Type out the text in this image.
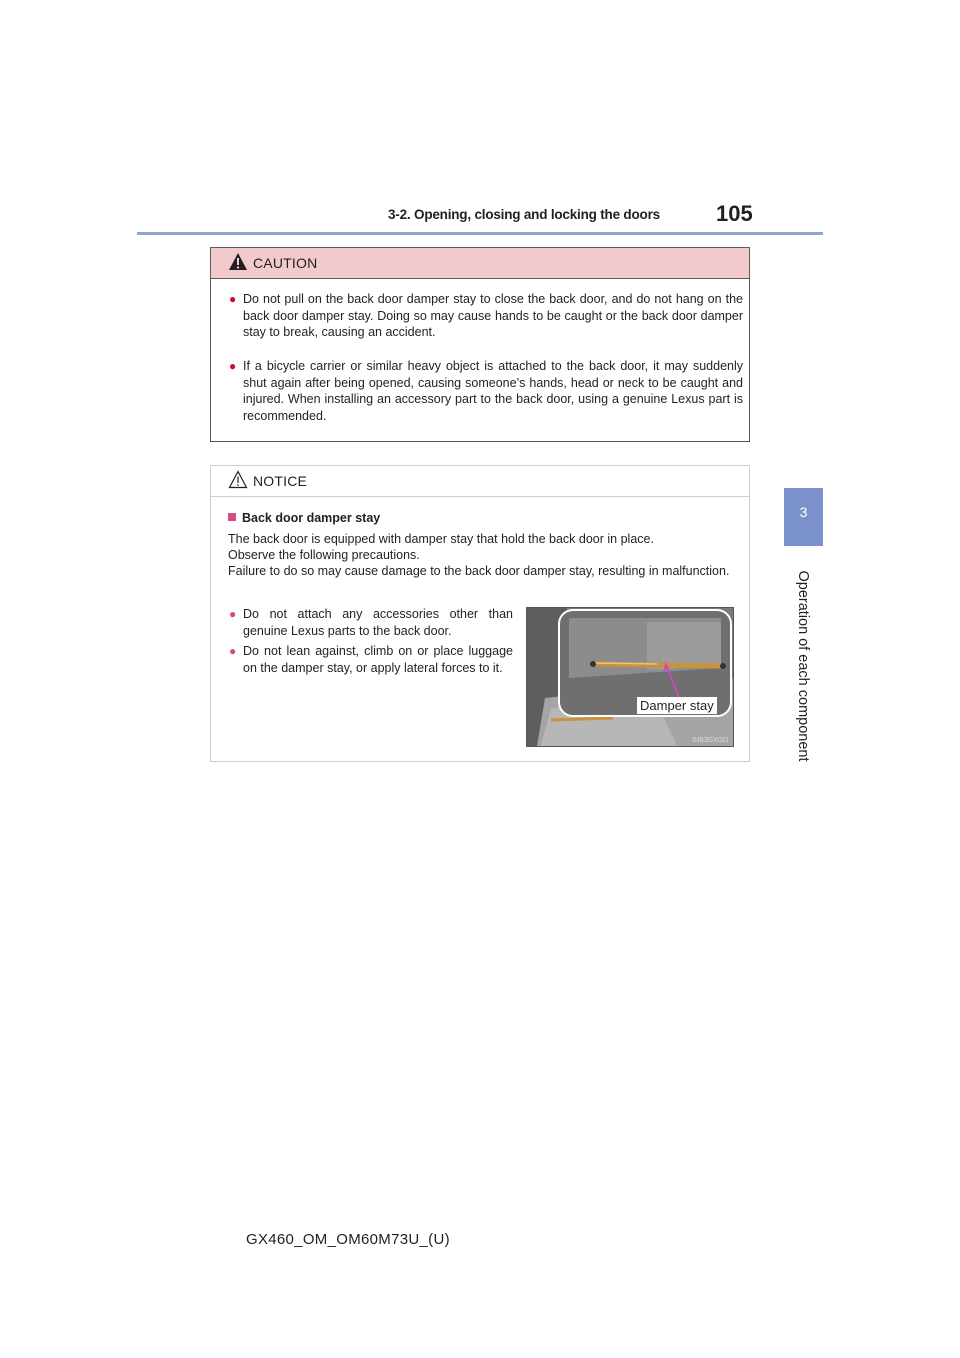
3-2. Opening, closing and locking the doors	105
3
Operation of each component
CAUTION
● Do not pull on the back door damper stay to close the back door, and do not hang on the back door damper stay. Doing so may cause hands to be caught or the back door damper stay to break, causing an accident.
● If a bicycle carrier or similar heavy object is attached to the back door, it may suddenly shut again after being opened, causing someone’s hands, head or neck to be caught and injured. When installing an accessory part to the back door, using a genuine Lexus part is recommended.
NOTICE
Back door damper stay
The back door is equipped with damper stay that hold the back door in place.
Observe the following precautions.
Failure to do so may cause damage to the back door damper stay, resulting in malfunction.
● Do not attach any accessories other than genuine Lexus parts to the back door.
● Do not lean against, climb on or place luggage on the damper stay, or apply lateral forces to it.
INB3GX011
Damper stay
GX460_OM_OM60M73U_(U)
